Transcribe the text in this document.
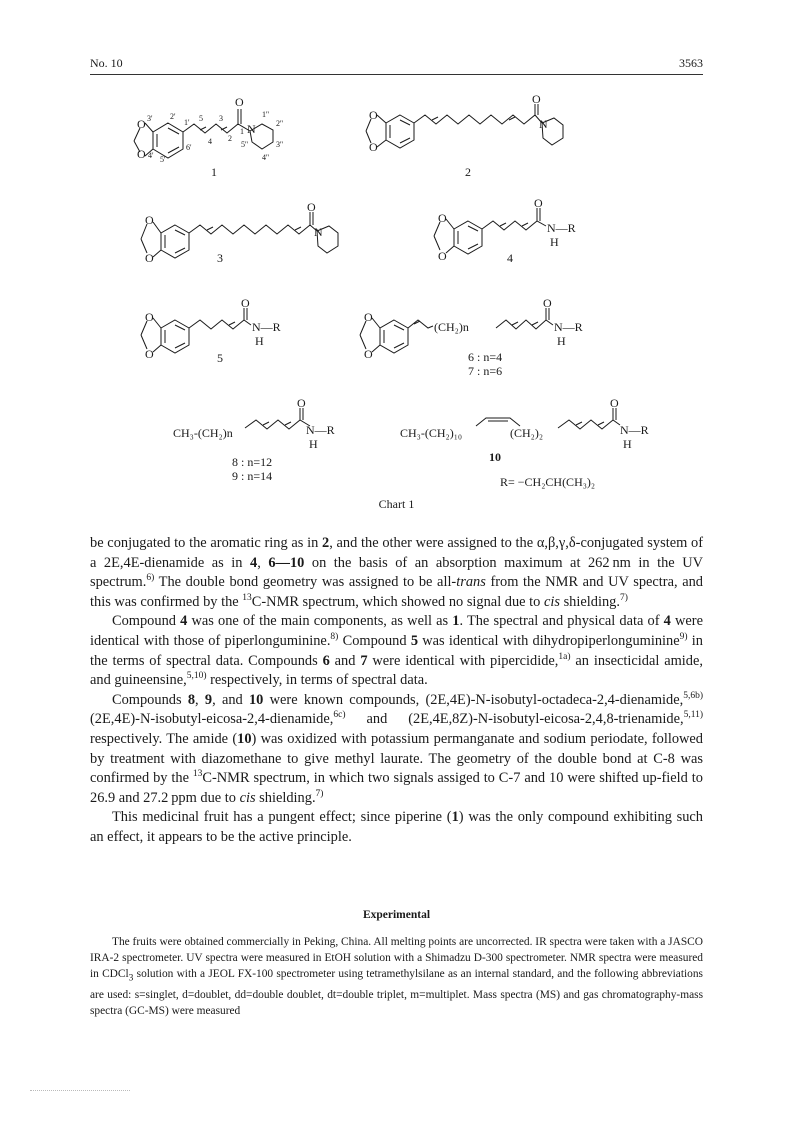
No. 10	3563
O
O
O
N
3' 2'
1'
4' 5'
6'
5 3
4 2
1
1''
2''
3''
4''
5''
1
O
O
O
N
2
O
O
O
N
3
O
O
O
N—R
H
4
O
O
O
N—R
H
5
O
O
O
(CH₂)n	N—R
H
6 : n=4
7 : n=6
CH₃-(CH₂)n
O
N—R
H
8 : n=12
9 : n=14
CH₃-(CH₂)₁₀	(CH₂)₂
O
N—R
H
10
R= −CH₂CH(CH₃)₂
Chart 1

be conjugated to the aromatic ring as in 2, and the other were assigned to the α,β,γ,δ-conjugated system of a 2E,4E-dienamide as in 4, 6—10 on the basis of an absorption maximum at 262 nm in the UV spectrum.$^{6)}$ The double bond geometry was assigned to be all-trans from the NMR and UV spectra, and this was confirmed by the $^{13}$C-NMR spectrum, which showed no signal due to cis shielding.$^{7)}$

Compound 4 was one of the main components, as well as 1. The spectral and physical data of 4 were identical with those of piperlonguminine.$^{8)}$ Compound 5 was identical with dihydropiperlonguminine$^{9)}$ in the terms of spectral data. Compounds 6 and 7 were identical with pipercidide,$^{1a)}$ an insecticidal amide, and guineensine,$^{5,10)}$ respectively, in terms of spectral data.

Compounds 8, 9, and 10 were known compounds, (2E,4E)-N-isobutyl-octadeca-2,4-dienamide,$^{5,6b)}$ (2E,4E)-N-isobutyl-eicosa-2,4-dienamide,$^{6c)}$ and (2E,4E,8Z)-N-isobutyl-eicosa-2,4,8-trienamide,$^{5,11)}$ respectively. The amide (10) was oxidized with potassium permanganate and sodium periodate, followed by treatment with diazomethane to give methyl laurate. The geometry of the double bond at C-8 was confirmed by the $^{13}$C-NMR spectrum, in which two signals assiged to C-7 and 10 were shifted up-field to 26.9 and 27.2 ppm due to cis shielding.$^{7)}$

This medicinal fruit has a pungent effect; since piperine (1) was the only compound exhibiting such an effect, it appears to be the active principle.

Experimental

The fruits were obtained commercially in Peking, China. All melting points are uncorrected. IR spectra were taken with a JASCO IRA-2 spectrometer. UV spectra were measured in EtOH solution with a Shimadzu D-300 spectrometer. NMR spectra were measured in CDCl$_3$ solution with a JEOL FX-100 spectrometer using tetramethylsilane as an internal standard, and the following abbreviations are used: s=singlet, d=doublet, dd=double doublet, dt=double triplet, m=multiplet. Mass spectra (MS) and gas chromatography-mass spectra (GC-MS) were measured
